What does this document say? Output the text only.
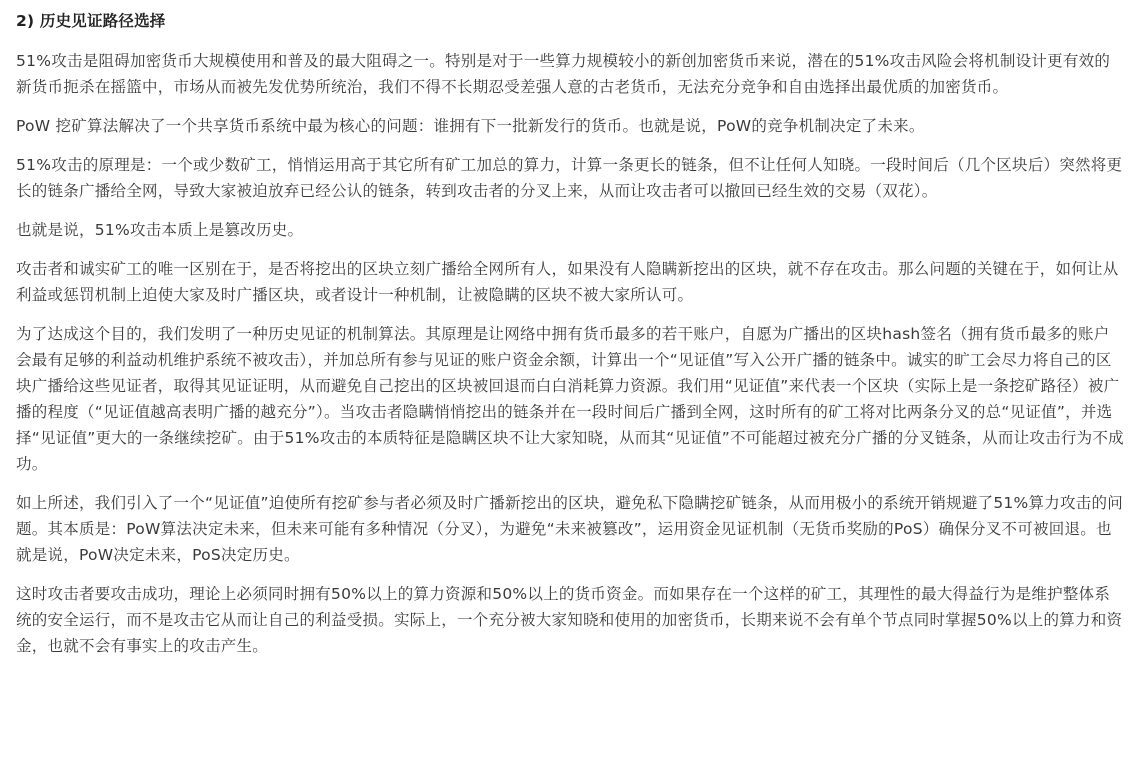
2) 历史见证路径选择

51%攻击是阻碍加密货币大规模使用和普及的最大阻碍之一。特别是对于一些算力规模较小的新创加密货币来说，潜在的51%攻击风险会将机制设计更有效的新货币扼杀在摇篮中，市场从而被先发优势所统治，我们不得不长期忍受差强人意的古老货币，无法充分竞争和自由选择出最优质的加密货币。

PoW 挖矿算法解决了一个共享货币系统中最为核心的问题：谁拥有下一批新发行的货币。也就是说，PoW的竞争机制决定了未来。

51%攻击的原理是：一个或少数矿工，悄悄运用高于其它所有矿工加总的算力，计算一条更长的链条，但不让任何人知晓。一段时间后（几个区块后）突然将更长的链条广播给全网，导致大家被迫放弃已经公认的链条，转到攻击者的分叉上来，从而让攻击者可以撤回已经生效的交易（双花）。

也就是说，51%攻击本质上是篡改历史。

攻击者和诚实矿工的唯一区别在于，是否将挖出的区块立刻广播给全网所有人，如果没有人隐瞒新挖出的区块，就不存在攻击。那么问题的关键在于，如何让从利益或惩罚机制上迫使大家及时广播区块，或者设计一种机制，让被隐瞒的区块不被大家所认可。

为了达成这个目的，我们发明了一种历史见证的机制算法。其原理是让网络中拥有货币最多的若干账户，自愿为广播出的区块hash签名（拥有货币最多的账户会最有足够的利益动机维护系统不被攻击），并加总所有参与见证的账户资金余额，计算出一个“见证值”写入公开广播的链条中。诚实的旷工会尽力将自己的区块广播给这些见证者，取得其见证证明，从而避免自己挖出的区块被回退而白白消耗算力资源。我们用“见证值”来代表一个区块（实际上是一条挖矿路径）被广播的程度（“见证值越高表明广播的越充分”）。当攻击者隐瞒悄悄挖出的链条并在一段时间后广播到全网，这时所有的矿工将对比两条分叉的总“见证值”，并选择“见证值”更大的一条继续挖矿。由于51%攻击的本质特征是隐瞒区块不让大家知晓，从而其“见证值”不可能超过被充分广播的分叉链条，从而让攻击行为不成功。

如上所述，我们引入了一个“见证值”迫使所有挖矿参与者必须及时广播新挖出的区块，避免私下隐瞒挖矿链条，从而用极小的系统开销规避了51%算力攻击的问题。其本质是：PoW算法决定未来，但未来可能有多种情况（分叉），为避免“未来被篡改”，运用资金见证机制（无货币奖励的PoS）确保分叉不可被回退。也就是说，PoW决定未来，PoS决定历史。

这时攻击者要攻击成功，理论上必须同时拥有50%以上的算力资源和50%以上的货币资金。而如果存在一个这样的矿工，其理性的最大得益行为是维护整体系统的安全运行，而不是攻击它从而让自己的利益受损。实际上，一个充分被大家知晓和使用的加密货币，长期来说不会有单个节点同时掌握50%以上的算力和资金，也就不会有事实上的攻击产生。
